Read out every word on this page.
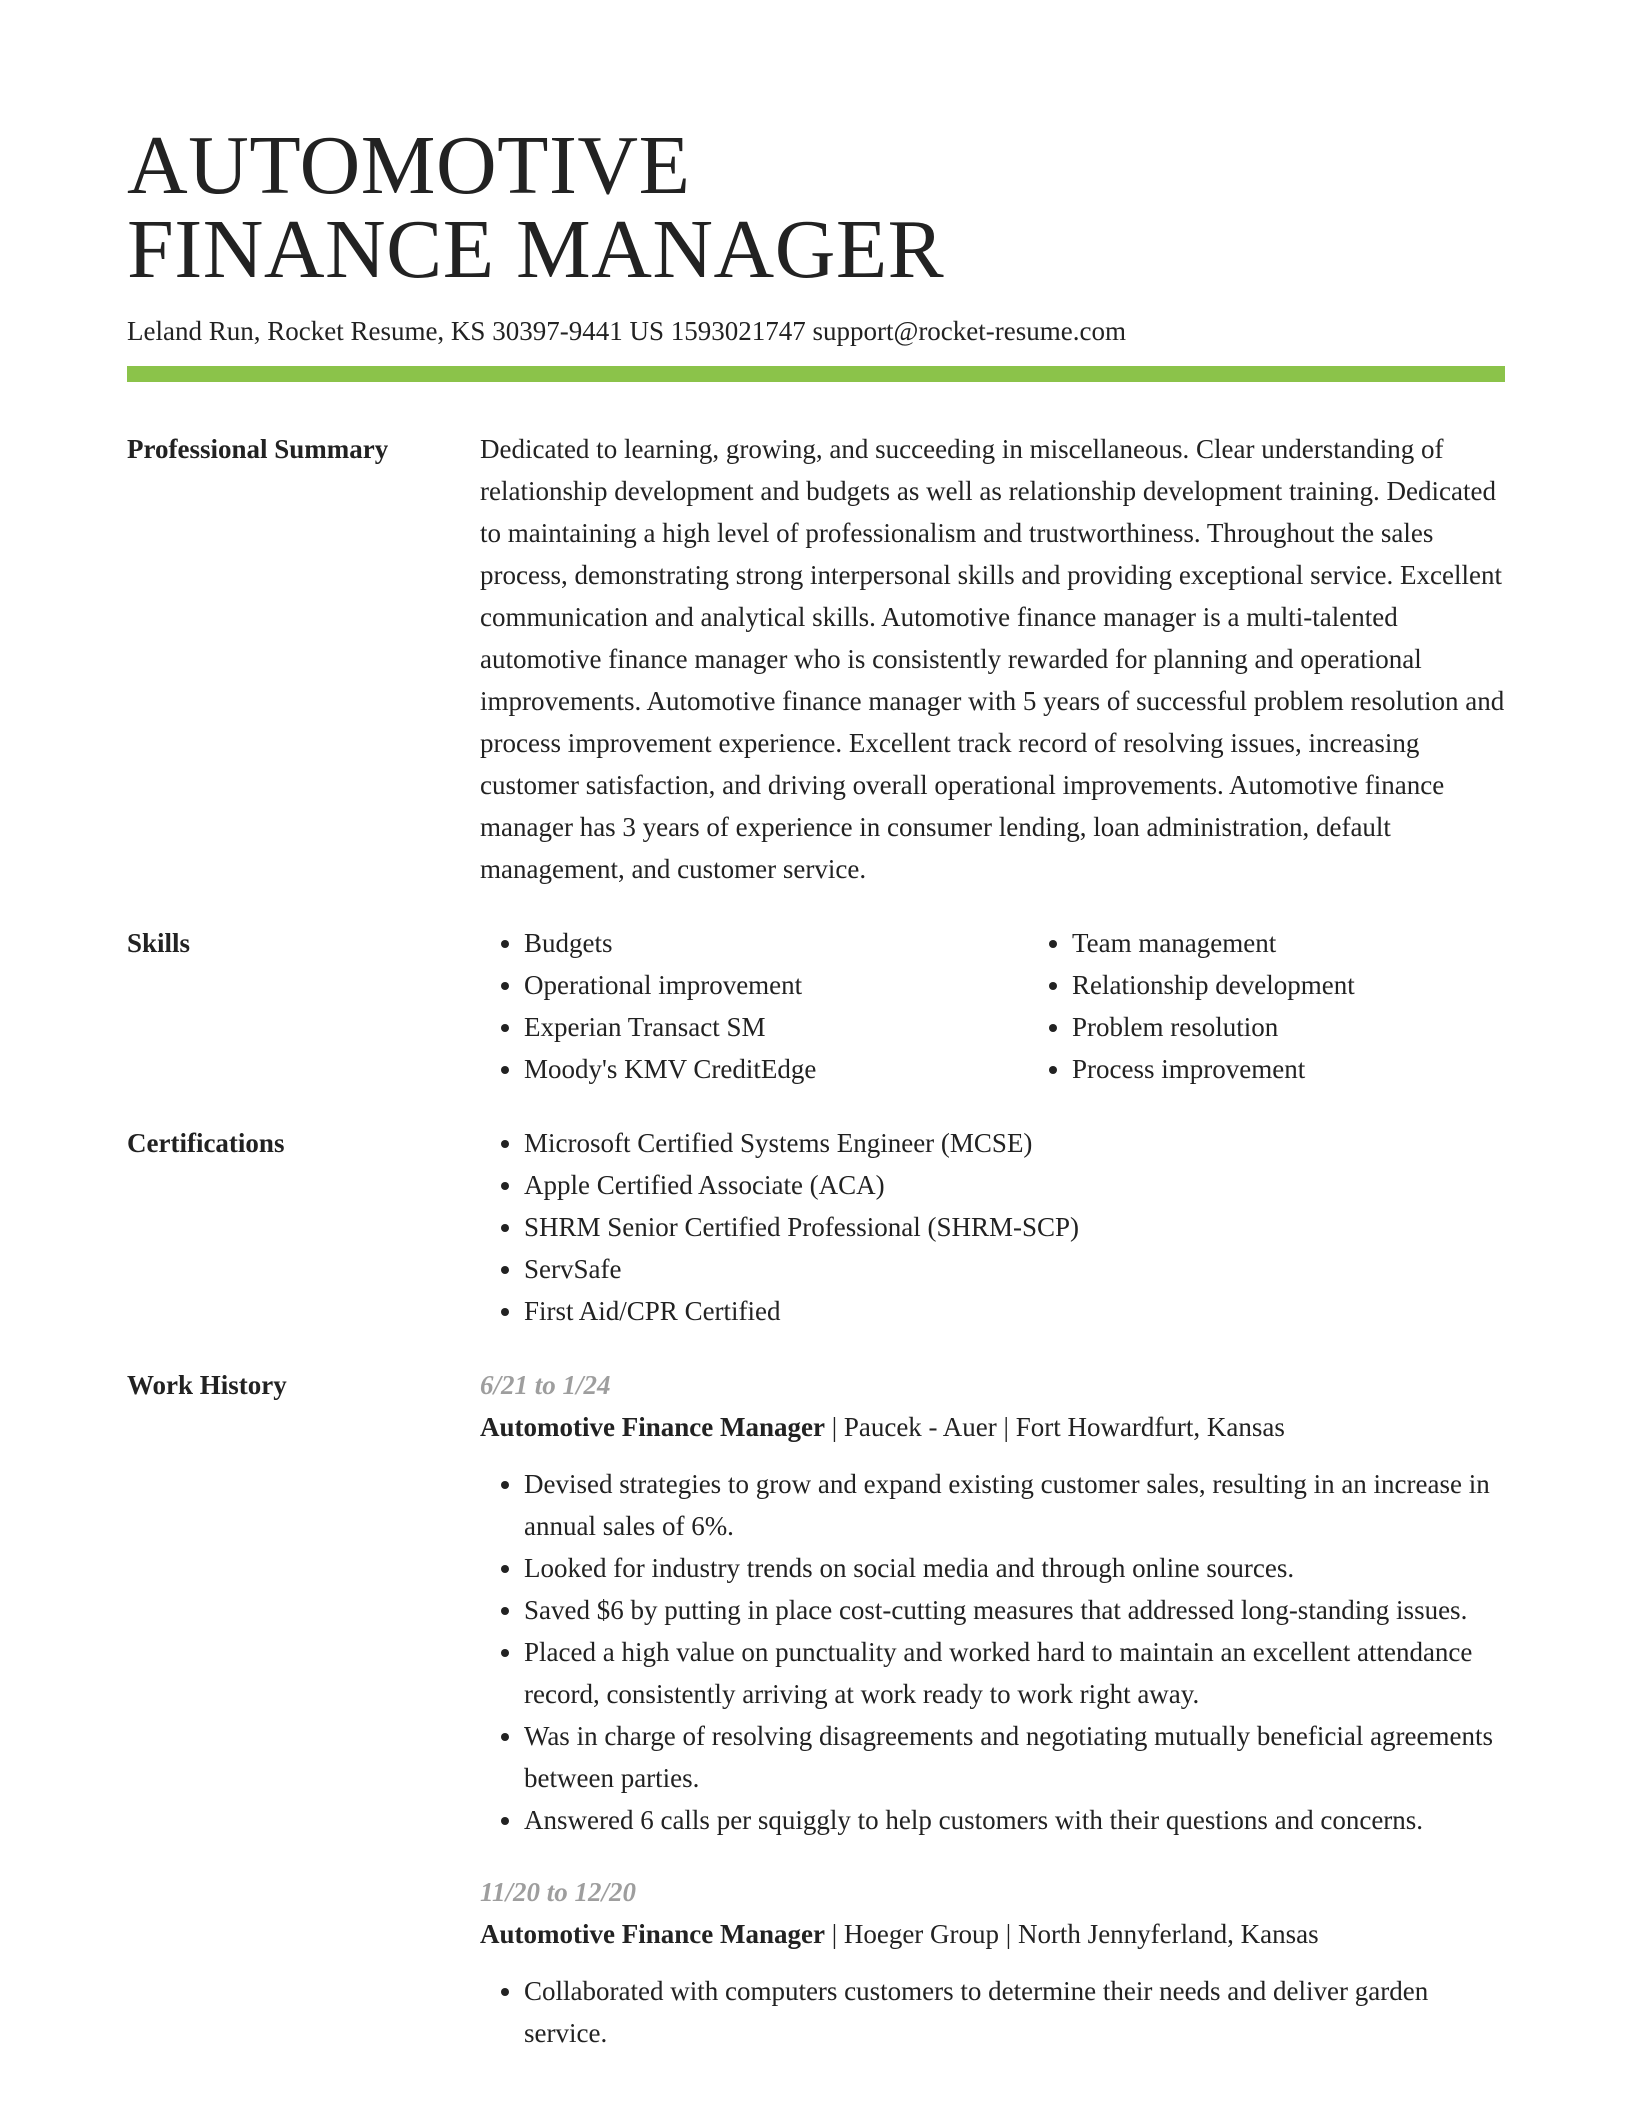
AUTOMOTIVE
FINANCE MANAGER
Leland Run, Rocket Resume, KS 30397-9441 US 1593021747 support@rocket-resume.com
Professional Summary	Dedicated to learning, growing, and succeeding in miscellaneous. Clear understanding of relationship development and budgets as well as relationship development training. Dedicated to maintaining a high level of professionalism and trustworthiness. Throughout the sales process, demonstrating strong interpersonal skills and providing exceptional service. Excellent communication and analytical skills. Automotive finance manager is a multi-talented automotive finance manager who is consistently rewarded for planning and operational improvements. Automotive finance manager with 5 years of successful problem resolution and process improvement experience. Excellent track record of resolving issues, increasing customer satisfaction, and driving overall operational improvements. Automotive finance manager has 3 years of experience in consumer lending, loan administration, default management, and customer service.

Skills	• Budgets
• Operational improvement
• Experian Transact SM
• Moody's KMV CreditEdge
• Team management
• Relationship development
• Problem resolution
• Process improvement
Certifications	• Microsoft Certified Systems Engineer (MCSE)
• Apple Certified Associate (ACA)
• SHRM Senior Certified Professional (SHRM-SCP)
• ServSafe
• First Aid/CPR Certified
Work History	6/21 to 1/24
Automotive Finance Manager | Paucek - Auer | Fort Howardfurt, Kansas
• Devised strategies to grow and expand existing customer sales, resulting in an increase in annual sales of 6%.
• Looked for industry trends on social media and through online sources.
• Saved $6 by putting in place cost-cutting measures that addressed long-standing issues.
• Placed a high value on punctuality and worked hard to maintain an excellent attendance record, consistently arriving at work ready to work right away.
• Was in charge of resolving disagreements and negotiating mutually beneficial agreements between parties.
• Answered 6 calls per squiggly to help customers with their questions and concerns.
11/20 to 12/20
Automotive Finance Manager | Hoeger Group | North Jennyferland, Kansas
• Collaborated with computers customers to determine their needs and deliver garden service.
